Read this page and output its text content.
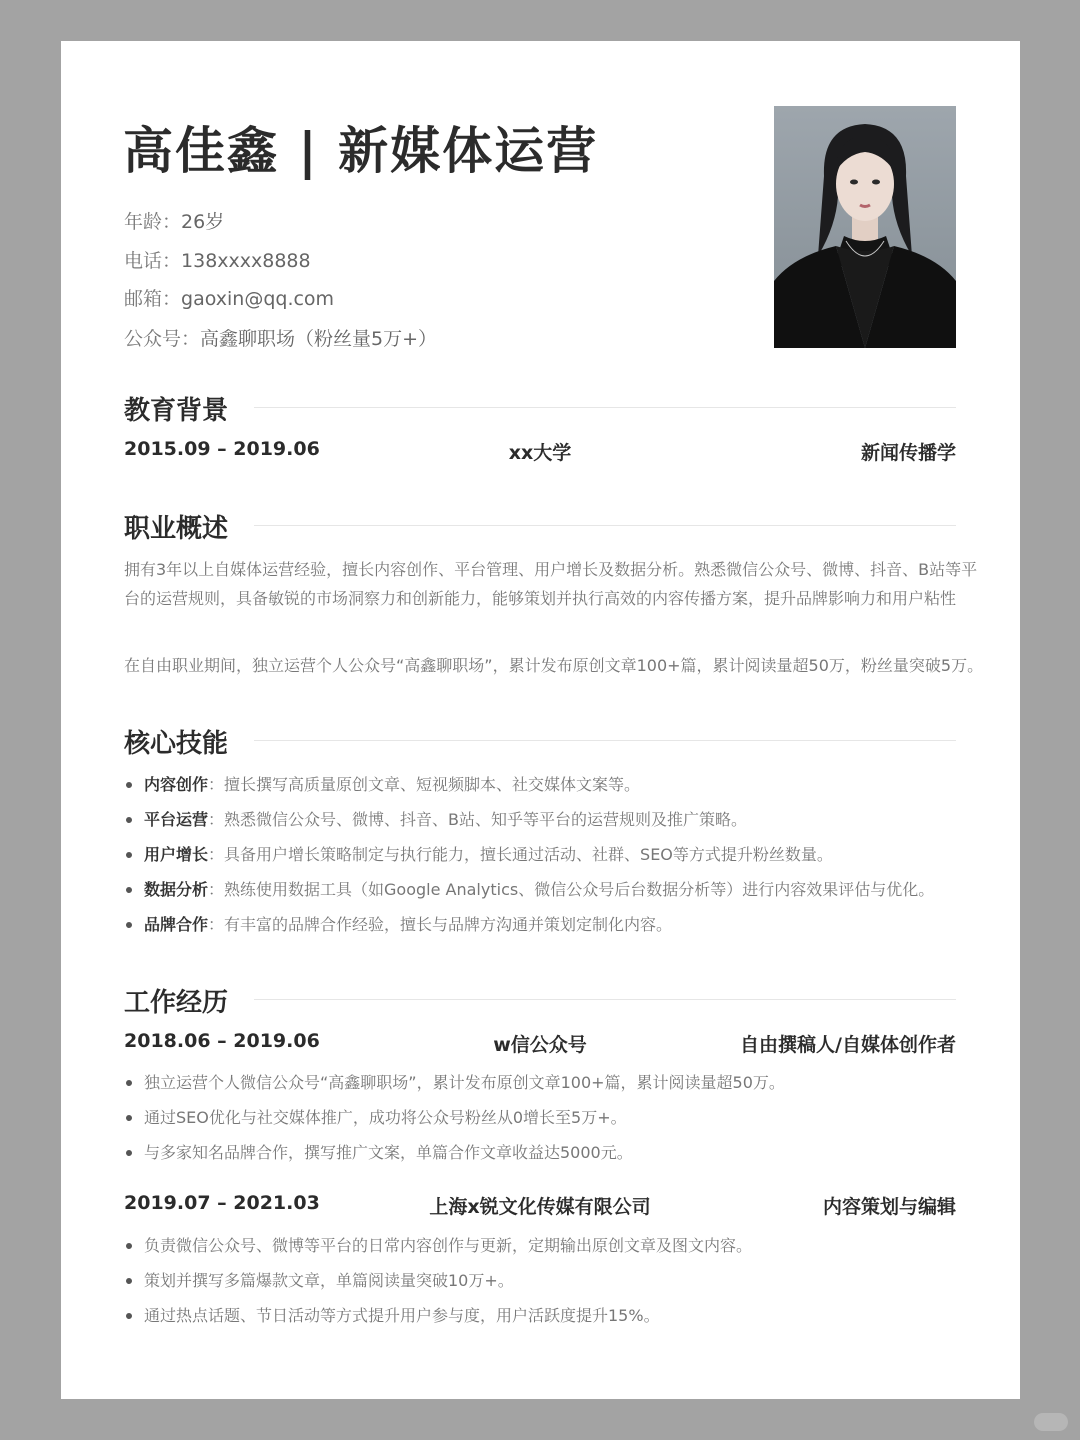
高佳鑫 | 新媒体运营
年龄：26岁
电话：138xxxx8888
邮箱：gaoxin@qq.com
公众号：高鑫聊职场（粉丝量5万+）
教育背景
2015.09 – 2019.06	xx大学	新闻传播学
职业概述
拥有3年以上自媒体运营经验，擅长内容创作、平台管理、用户增长及数据分析。熟悉微信公众号、微博、抖音、B站等平台的运营规则，具备敏锐的市场洞察力和创新能力，能够策划并执行高效的内容传播方案，提升品牌影响力和用户粘性
在自由职业期间，独立运营个人公众号“高鑫聊职场”，累计发布原创文章100+篇，累计阅读量超50万，粉丝量突破5万。
核心技能
内容创作：擅长撰写高质量原创文章、短视频脚本、社交媒体文案等。
平台运营：熟悉微信公众号、微博、抖音、B站、知乎等平台的运营规则及推广策略。
用户增长：具备用户增长策略制定与执行能力，擅长通过活动、社群、SEO等方式提升粉丝数量。
数据分析：熟练使用数据工具（如Google Analytics、微信公众号后台数据分析等）进行内容效果评估与优化。
品牌合作：有丰富的品牌合作经验，擅长与品牌方沟通并策划定制化内容。
工作经历
2018.06 – 2019.06	w信公众号	自由撰稿人/自媒体创作者
独立运营个人微信公众号“高鑫聊职场”，累计发布原创文章100+篇，累计阅读量超50万。
通过SEO优化与社交媒体推广，成功将公众号粉丝从0增长至5万+。
与多家知名品牌合作，撰写推广文案，单篇合作文章收益达5000元。
2019.07 – 2021.03	上海x锐文化传媒有限公司	内容策划与编辑
负责微信公众号、微博等平台的日常内容创作与更新，定期输出原创文章及图文内容。
策划并撰写多篇爆款文章，单篇阅读量突破10万+。
通过热点话题、节日活动等方式提升用户参与度，用户活跃度提升15%。
